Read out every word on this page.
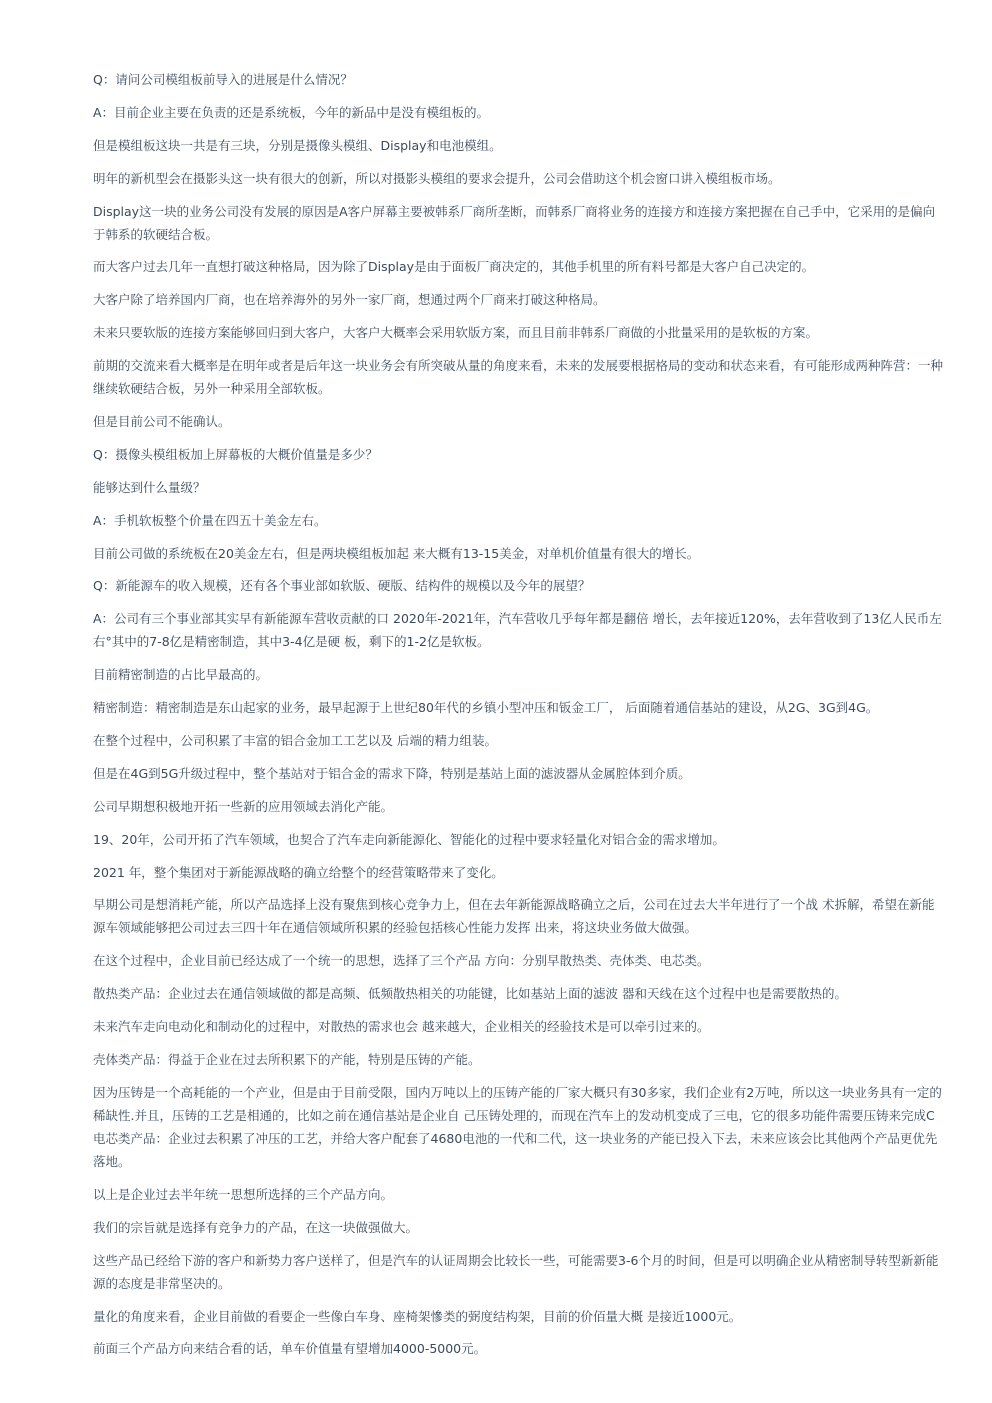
Q：请问公司模组板前导入的进展是什么情况？

A：目前企业主要在负责的还是系统板，今年的新品中是没有模组板的。

但是模组板这块一共是有三块，分别是摄像头模组、Display和电池模组。

明年的新机型会在摄影头这一块有很大的创新，所以对摄影头模组的要求会提升，公司会借助这个机会窗口讲入模组板市场。

Display这一块的业务公司没有发展的原因是A客户屏幕主要被韩系厂商所垄断，而韩系厂商将业务的连接方和连接方案把握在自己手中，它采用的是偏向于韩系的软硬结合板。

而大客户过去几年一直想打破这种格局，因为除了Display是由于面板厂商决定的，其他手机里的所有料号都是大客户自己决定的。

大客户除了培养国内厂商，也在培养海外的另外一家厂商，想通过两个厂商来打破这种格局。

未来只要软版的连接方案能够回归到大客户，大客户大概率会采用软版方案，而且目前非韩系厂商做的小批量采用的是软板的方案。

前期的交流来看大概率是在明年或者是后年这一块业务会有所突破从量的角度来看，未来的发展要根据格局的变动和状态来看，有可能形成两种阵营：一种继续软硬结合板，另外一种采用全部软板。

但是目前公司不能确认。

Q：摄像头模组板加上屏幕板的大概价值量是多少？

能够达到什么量级？

A：手机软板整个价量在四五十美金左右。

目前公司做的系统板在20美金左右，但是两块模组板加起 来大概有13-15美金，对单机价值量有很大的增长。

Q：新能源车的收入规模，还有各个事业部如软版、硬版、结构件的规模以及今年的展望？

A：公司有三个事业部其实早有新能源车营收贡献的口 2020年-2021年，汽车营收几乎每年都是翻倍 增长，去年接近120%，去年营收到了13亿人民币左右°其中的7-8亿是精密制造，其中3-4亿是硬 板，剩下的1-2亿是软板。

目前精密制造的占比早最高的。

精密制造：精密制造是东山起家的业务，最早起源于上世纪80年代的乡镇小型冲压和钣金工厂， 后面随着通信基站的建设，从2G、3G到4G。

在整个过程中，公司积累了丰富的铝合金加工工艺以及 后端的精力组装。

但是在4G到5G升级过程中，整个基站对于铝合金的需求下降，特别是基站上面的滤波器从金属腔体到介质。

公司早期想积极地开拓一些新的应用领域去消化产能。

19、20年，公司开拓了汽车领域，也契合了汽车走向新能源化、智能化的过程中要求轻量化对铝合金的需求增加。

2021 年，整个集团对于新能源战略的确立给整个的经营策略带来了变化。

早期公司是想消耗产能，所以产品选择上没有聚焦到核心竞争力上，但在去年新能源战略确立之后，公司在过去大半年进行了一个战 术拆解，希望在新能源车领域能够把公司过去三四十年在通信领域所积累的经验包括核心性能力发挥 出来，将这块业务做大做强。

在这个过程中，企业目前已经达成了一个统一的思想，选择了三个产品 方向：分别早散热类、壳体类、电芯类。

散热类产品：企业过去在通信领域做的都是高频、低频散热相关的功能键，比如基站上面的滤波 器和天线在这个过程中也是需要散热的。

未来汽车走向电动化和制动化的过程中，对散热的需求也会 越来越大，企业相关的经验技术是可以牵引过来的。

壳体类产品：得益于企业在过去所积累下的产能，特别是压铸的产能。

因为压铸是一个高耗能的一个产业，但是由于目前受限，国内万吨以上的压铸产能的厂家大概只有30多家，我们企业有2万吨，所以这一块业务具有一定的稀缺性.并且，压铸的工艺是相通的，比如之前在通信基站是企业自 己压铸处理的，而现在汽车上的发动机变成了三电，它的很多功能件需要压铸来完成C电芯类产品：企业过去积累了冲压的工艺，并给大客户配套了4680电池的一代和二代，这一块业务的产能已投入下去，未来应该会比其他两个产品更优先落地。

以上是企业过去半年统一思想所选择的三个产品方向。

我们的宗旨就是选择有竞争力的产品，在这一块做强做大。

这些产品已经给下游的客户和新势力客户送样了，但是汽车的认证周期会比较长一些，可能需要3-6个月的时间，但是可以明确企业从精密制导转型新新能源的态度是非常坚决的。

量化的角度来看，企业目前做的看要企一些像白车身、座椅架慘类的弼度结构架，目前的价佰量大概 是接近1000元。

前面三个产品方向来结合看的话，单车价值量有望增加4000-5000元。
